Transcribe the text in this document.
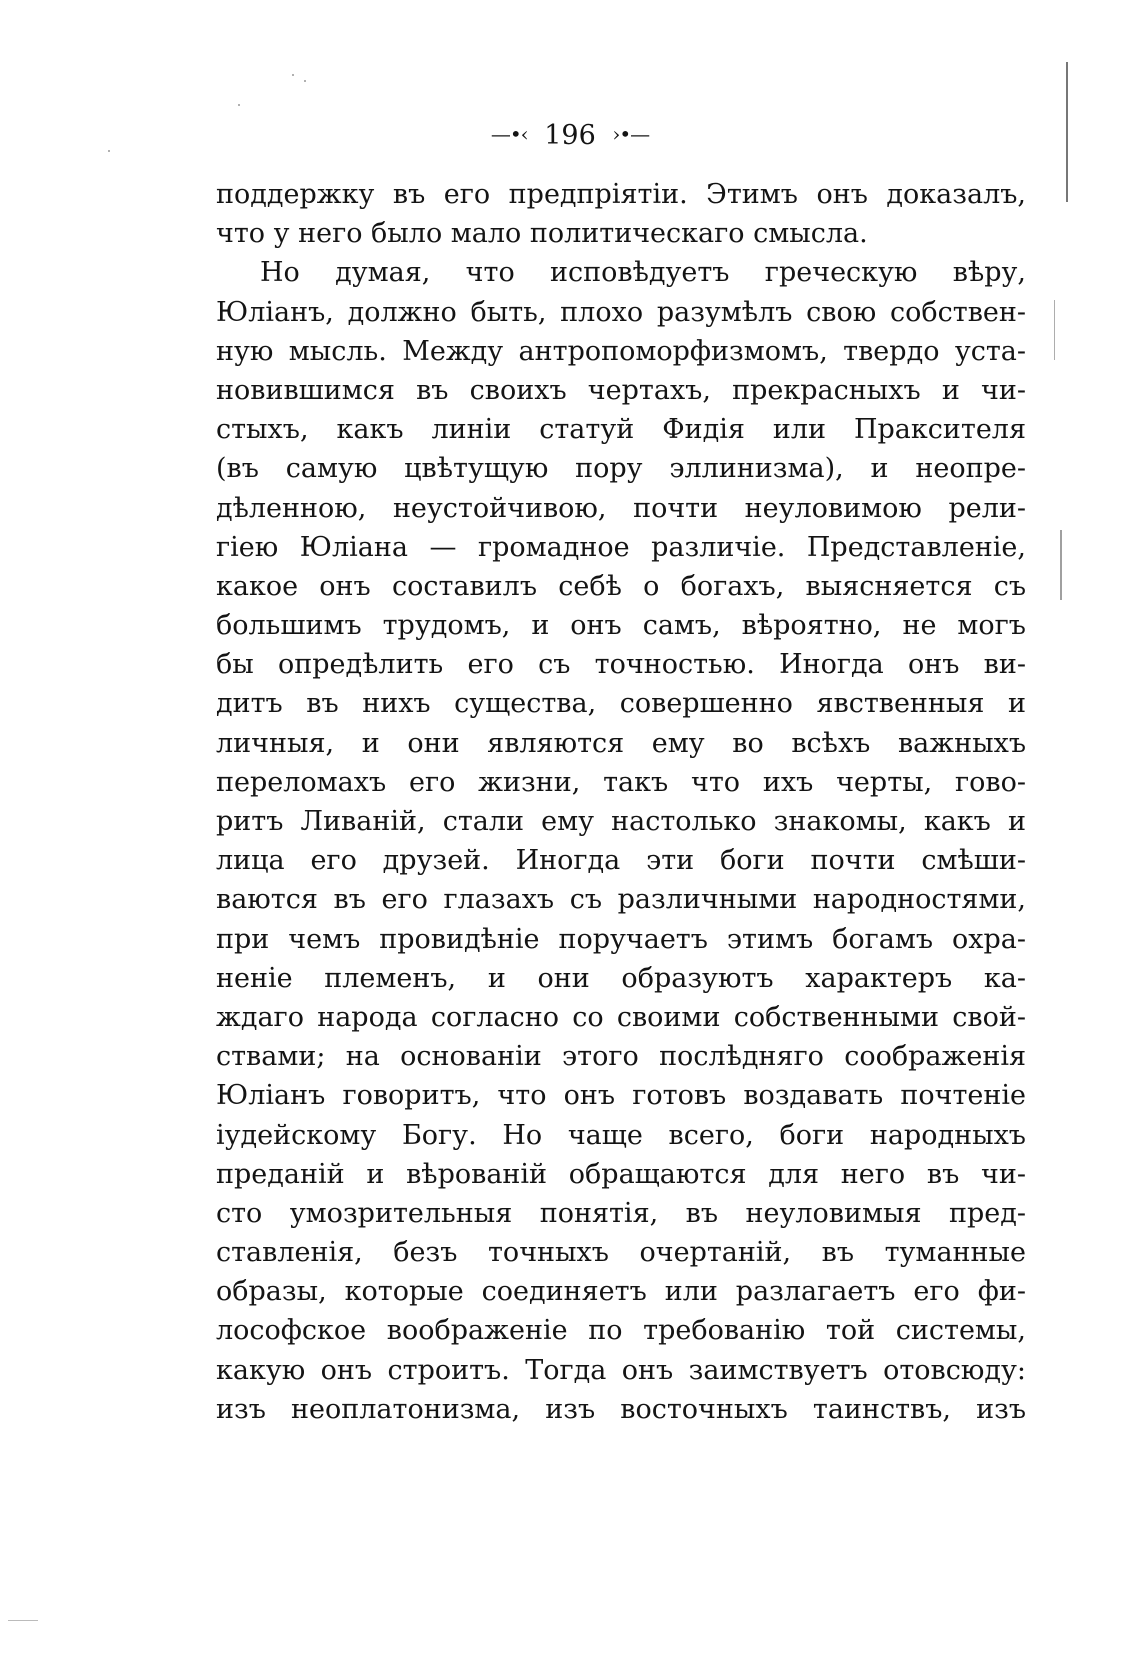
—•‹ 196 ›•—
поддержку въ его предпріятіи. Этимъ онъ доказалъ,
что у него было мало политическаго смысла.
Но думая, что исповѣдуетъ греческую вѣру,
Юліанъ, должно быть, плохо разумѣлъ свою собствен-
ную мысль. Между антропоморфизмомъ, твердо уста-
новившимся въ своихъ чертахъ, прекрасныхъ и чи-
стыхъ, какъ линіи статуй Фидія или Праксителя
(въ самую цвѣтущую пору эллинизма), и неопре-
дѣленною, неустойчивою, почти неуловимою рели-
гіею Юліана — громадное различіе. Представленіе,
какое онъ составилъ себѣ о богахъ, выясняется съ
большимъ трудомъ, и онъ самъ, вѣроятно, не могъ
бы опредѣлить его съ точностью. Иногда онъ ви-
дитъ въ нихъ существа, совершенно явственныя и
личныя, и они являются ему во всѣхъ важныхъ
переломахъ его жизни, такъ что ихъ черты, гово-
ритъ Ливаній, стали ему настолько знакомы, какъ и
лица его друзей. Иногда эти боги почти смѣши-
ваются въ его глазахъ съ различными народностями,
при чемъ провидѣніе поручаетъ этимъ богамъ охра-
неніе племенъ, и они образуютъ характеръ ка-
ждаго народа согласно со своими собственными свой-
ствами; на основаніи этого послѣдняго соображенія
Юліанъ говоритъ, что онъ готовъ воздавать почтеніе
іудейскому Богу. Но чаще всего, боги народныхъ
преданій и вѣрованій обращаются для него въ чи-
сто умозрительныя понятія, въ неуловимыя пред-
ставленія, безъ точныхъ очертаній, въ туманные
образы, которые соединяетъ или разлагаетъ его фи-
лософское воображеніе по требованію той системы,
какую онъ строитъ. Тогда онъ заимствуетъ отовсюду:
изъ неоплатонизма, изъ восточныхъ таинствъ, изъ
